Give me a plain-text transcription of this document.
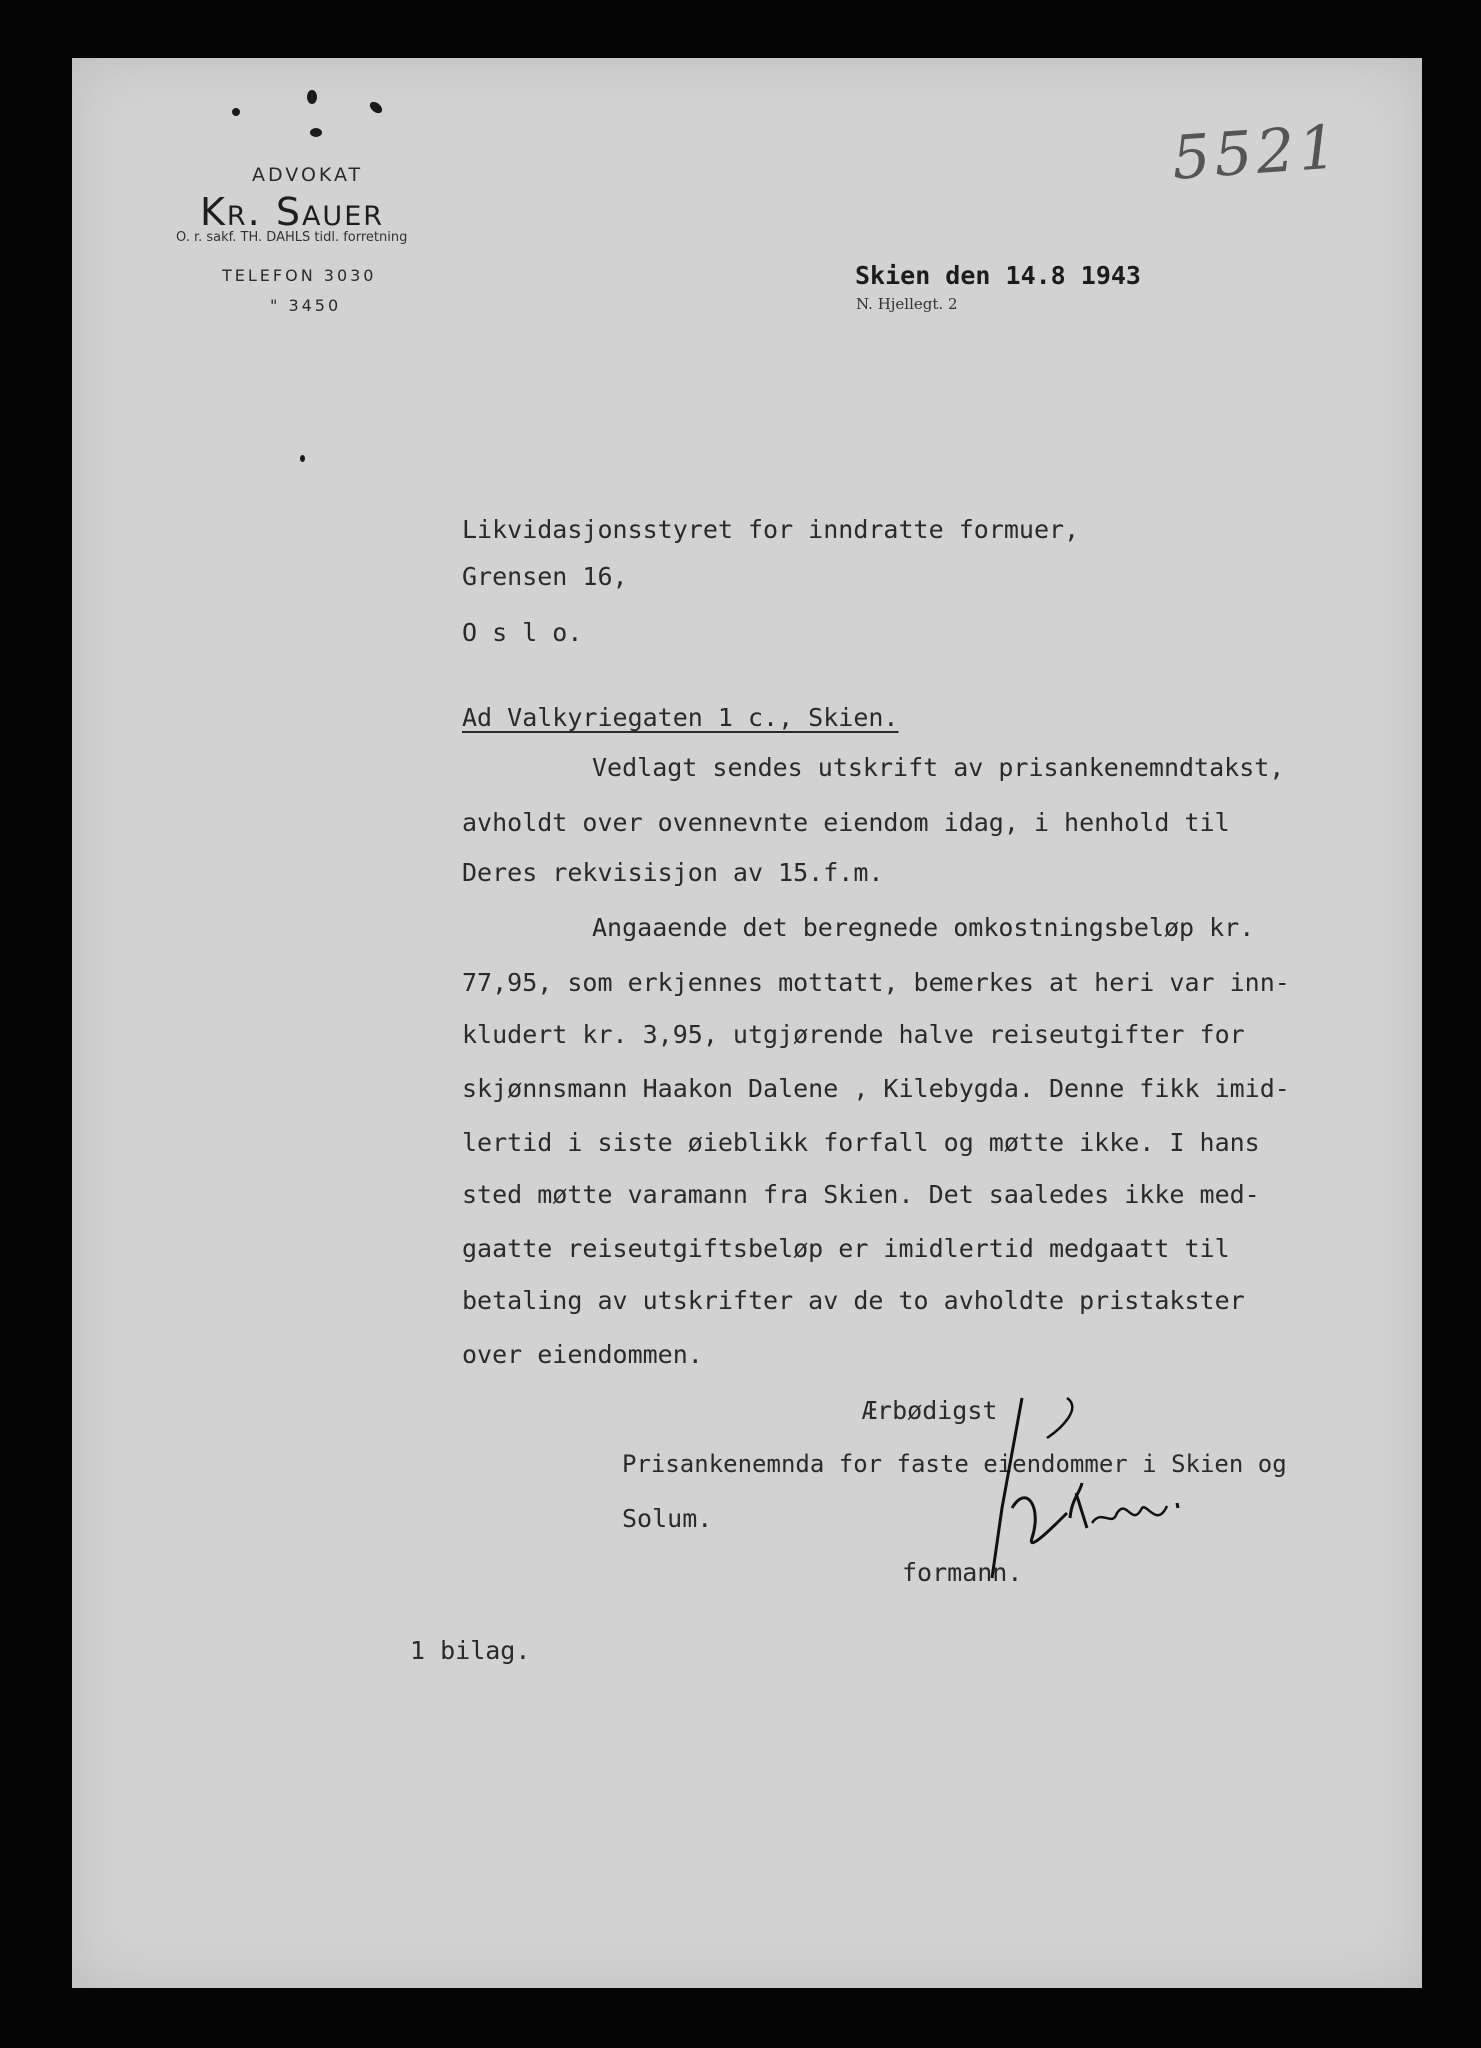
ADVOKAT
Kr. Sauer
O. r. sakf. TH. DAHLS tidl. forretning
TELEFON 3030
" 3450
5521
Skien den 14.8 1943
N. Hjellegt. 2
Likvidasjonsstyret for inndratte formuer,
Grensen 16,
O s l o.
Ad Valkyriegaten 1 c., Skien.
Vedlagt sendes utskrift av prisankenemndtakst,
avholdt over ovennevnte eiendom idag, i henhold til
Deres rekvisisjon av 15.f.m.
Angaaende det beregnede omkostningsbeløp kr.
77,95, som erkjennes mottatt, bemerkes at heri var inn-
kludert kr. 3,95, utgjørende halve reiseutgifter for
skjønnsmann Haakon Dalene , Kilebygda. Denne fikk imid-
lertid i siste øieblikk forfall og møtte ikke. I hans
sted møtte varamann fra Skien. Det saaledes ikke med-
gaatte reiseutgiftsbeløp er imidlertid medgaatt til
betaling av utskrifter av de to avholdte pristakster
over eiendommen.
Ærbødigst
Prisankenemnda for faste eiendommer i Skien og
Solum.
formann.
1 bilag.
